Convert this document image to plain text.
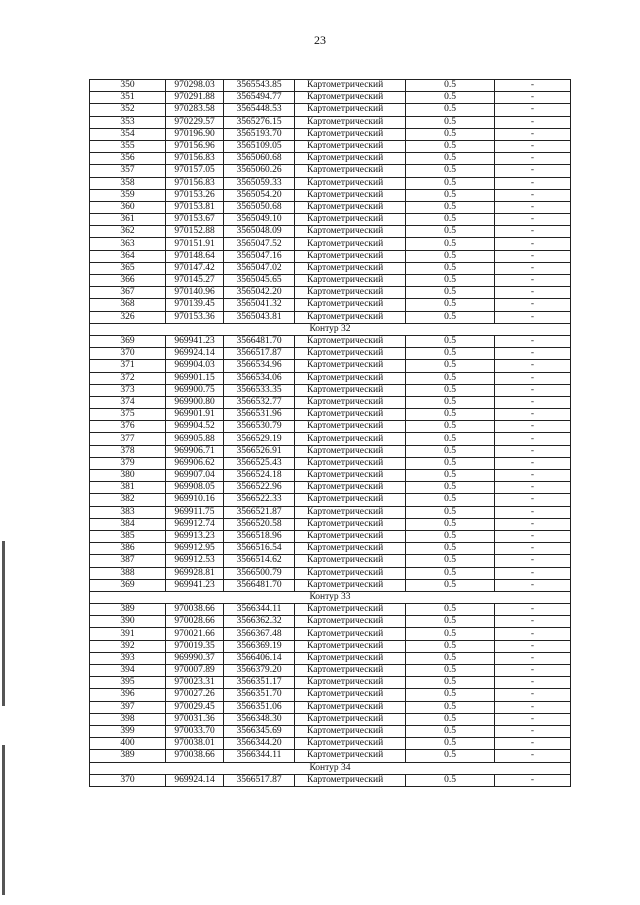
23
350	970298.03	3565543.85	Картометрический	0.5	-
351	970291.88	3565494.77	Картометрический	0.5	-
352	970283.58	3565448.53	Картометрический	0.5	-
353	970229.57	3565276.15	Картометрический	0.5	-
354	970196.90	3565193.70	Картометрический	0.5	-
355	970156.96	3565109.05	Картометрический	0.5	-
356	970156.83	3565060.68	Картометрический	0.5	-
357	970157.05	3565060.26	Картометрический	0.5	-
358	970156.83	3565059.33	Картометрический	0.5	-
359	970153.26	3565054.20	Картометрический	0.5	-
360	970153.81	3565050.68	Картометрический	0.5	-
361	970153.67	3565049.10	Картометрический	0.5	-
362	970152.88	3565048.09	Картометрический	0.5	-
363	970151.91	3565047.52	Картометрический	0.5	-
364	970148.64	3565047.16	Картометрический	0.5	-
365	970147.42	3565047.02	Картометрический	0.5	-
366	970145.27	3565045.65	Картометрический	0.5	-
367	970140.96	3565042.20	Картометрический	0.5	-
368	970139.45	3565041.32	Картометрический	0.5	-
326	970153.36	3565043.81	Картометрический	0.5	-
Контур 32					
369	969941.23	3566481.70	Картометрический	0.5	-
370	969924.14	3566517.87	Картометрический	0.5	-
371	969904.03	3566534.96	Картометрический	0.5	-
372	969901.15	3566534.06	Картометрический	0.5	-
373	969900.75	3566533.35	Картометрический	0.5	-
374	969900.80	3566532.77	Картометрический	0.5	-
375	969901.91	3566531.96	Картометрический	0.5	-
376	969904.52	3566530.79	Картометрический	0.5	-
377	969905.88	3566529.19	Картометрический	0.5	-
378	969906.71	3566526.91	Картометрический	0.5	-
379	969906.62	3566525.43	Картометрический	0.5	-
380	969907.04	3566524.18	Картометрический	0.5	-
381	969908.05	3566522.96	Картометрический	0.5	-
382	969910.16	3566522.33	Картометрический	0.5	-
383	969911.75	3566521.87	Картометрический	0.5	-
384	969912.74	3566520.58	Картометрический	0.5	-
385	969913.23	3566518.96	Картометрический	0.5	-
386	969912.95	3566516.54	Картометрический	0.5	-
387	969912.53	3566514.62	Картометрический	0.5	-
388	969928.81	3566500.79	Картометрический	0.5	-
369	969941.23	3566481.70	Картометрический	0.5	-
Контур 33					
389	970038.66	3566344.11	Картометрический	0.5	-
390	970028.66	3566362.32	Картометрический	0.5	-
391	970021.66	3566367.48	Картометрический	0.5	-
392	970019.35	3566369.19	Картометрический	0.5	-
393	969990.37	3566406.14	Картометрический	0.5	-
394	970007.89	3566379.20	Картометрический	0.5	-
395	970023.31	3566351.17	Картометрический	0.5	-
396	970027.26	3566351.70	Картометрический	0.5	-
397	970029.45	3566351.06	Картометрический	0.5	-
398	970031.36	3566348.30	Картометрический	0.5	-
399	970033.70	3566345.69	Картометрический	0.5	-
400	970038.01	3566344.20	Картометрический	0.5	-
389	970038.66	3566344.11	Картометрический	0.5	-
Контур 34					
370	969924.14	3566517.87	Картометрический	0.5	-
